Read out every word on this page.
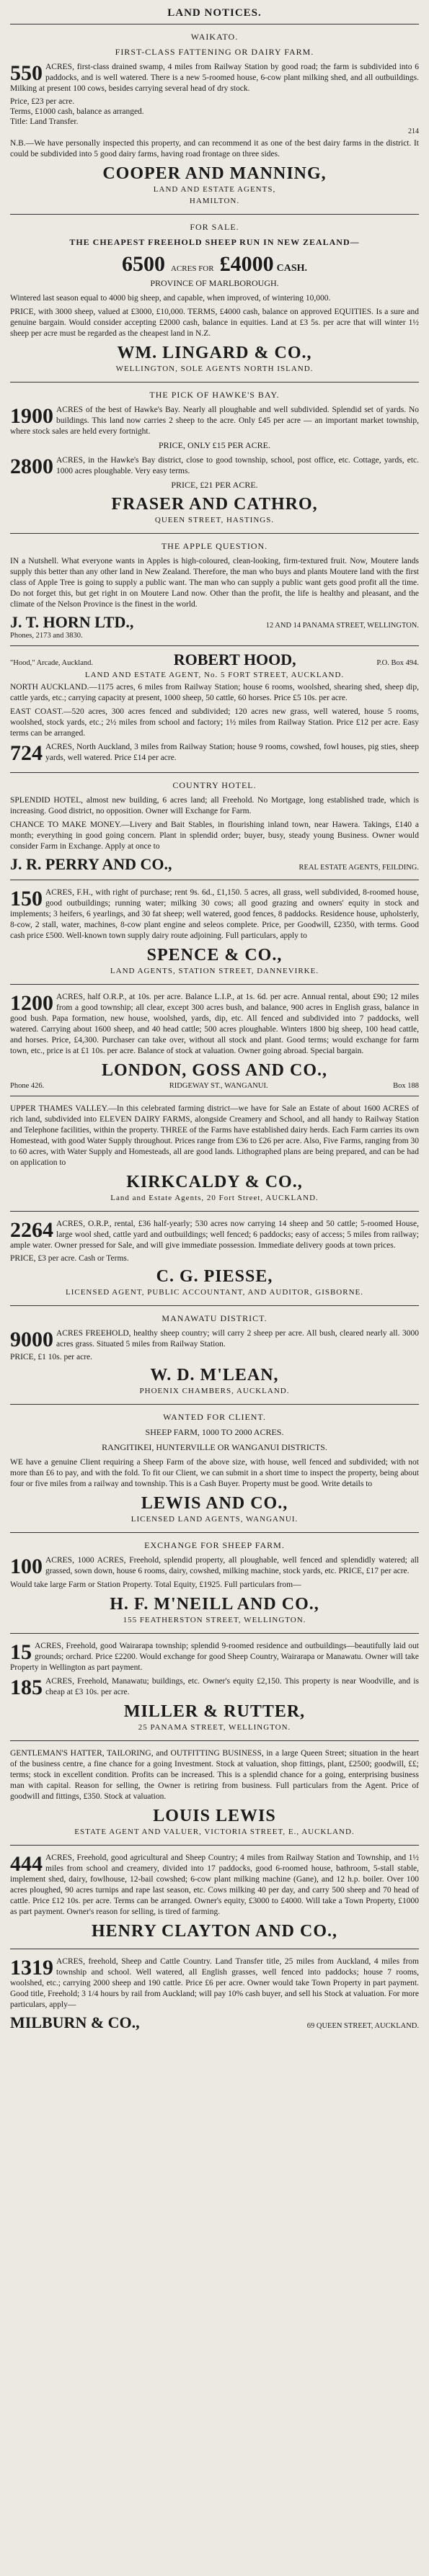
LAND NOTICES.
WAIKATO.
FIRST-CLASS FATTENING OR DAIRY FARM.

550 ACRES, first-class drained swamp, 4 miles from Railway Station by good road; the farm is subdivided into 6 paddocks, and is well watered. There is a new 5-roomed house, 6-cow plant milking shed, and all outbuildings. Milking at present 100 cows, besides carrying several head of dry stock.

Price, £23 per acre.
Terms, £1000 cash, balance as arranged.
Title: Land Transfer.
214

N.B.—We have personally inspected this property, and can recommend it as one of the best dairy farms in the district. It could be subdivided into 5 good dairy farms, having road frontage on three sides.

COOPER AND MANNING,
LAND AND ESTATE AGENTS,
HAMILTON.
FOR SALE.
THE CHEAPEST FREEHOLD SHEEP RUN IN NEW ZEALAND—
6500 ACRES FOR £4000 CASH.
PROVINCE OF MARLBOROUGH.

Wintered last season equal to 4000 big sheep, and capable, when improved, of wintering 10,000.

PRICE, with 3000 sheep, valued at £3000, £10,000. TERMS, £4000 cash, balance on approved EQUITIES. Is a sure and genuine bargain. Would consider accepting £2000 cash, balance in equities. Land at £3 5s. per acre that will winter 1½ sheep per acre must be regarded as the cheapest land in N.Z.

WM. LINGARD & CO.,
WELLINGTON, SOLE AGENTS NORTH ISLAND.
THE PICK OF HAWKE'S BAY.

1900 ACRES of the best of Hawke's Bay. Nearly all ploughable and well subdivided. Splendid set of yards. No buildings. This land now carries 2 sheep to the acre. Only £45 per acre — an important market township, where stock sales are held every fortnight.

PRICE, ONLY £15 PER ACRE.

2800 ACRES, in the Hawke's Bay district, close to good township, school, post office, etc. Cottage, yards, etc. 1000 acres ploughable. Very easy terms.

PRICE, £21 PER ACRE.
FRASER AND CATHRO,
QUEEN STREET, HASTINGS.
THE APPLE QUESTION.

IN a Nutshell. What everyone wants in Apples is high-coloured, clean-looking, firm-textured fruit. Now, Moutere lands supply this better than any other land in New Zealand. Therefore, the man who buys and plants Moutere land with the first class of Apple Tree is going to supply a public want. The man who can supply a public want gets good profit all the time. Do not forget this, but get right in on Moutere Land now. Other than the profit, the life is healthy and pleasant, and the climate of the Nelson Province is the finest in the world.

J. T. HORN LTD.,	12 AND 14 PANAMA STREET, WELLINGTON.
Phones, 2173 and 3830.
"Hood," Arcade, Auckland.	ROBERT HOOD,	P.O. Box 494.
LAND AND ESTATE AGENT, No. 5 FORT STREET, AUCKLAND.

NORTH AUCKLAND.—1175 acres, 6 miles from Railway Station; house 6 rooms, woolshed, shearing shed, sheep dip, cattle yards, etc.; carrying capacity at present, 1000 sheep, 50 cattle, 60 horses. Price £5 10s. per acre.

EAST COAST.—520 acres, 300 acres fenced and subdivided; 120 acres new grass, well watered, house 5 rooms, woolshed, stock yards, etc.; 2½ miles from school and factory; 1½ miles from Railway Station. Price £12 per acre. Easy terms can be arranged.

724 ACRES, North Auckland, 3 miles from Railway Station; house 9 rooms, cowshed, fowl houses, pig sties, sheep yards, well watered. Price £14 per acre.

COUNTRY HOTEL.

SPLENDID HOTEL, almost new building, 6 acres land; all Freehold. No Mortgage, long established trade, which is increasing. Good district, no opposition. Owner will Exchange for Farm.

CHANCE TO MAKE MONEY.—Livery and Bait Stables, in flourishing inland town, near Hawera. Takings, £140 a month; everything in good going concern. Plant in splendid order; buyer, busy, steady young Business. Owner would consider Farm in Exchange. Apply at once to

J. R. PERRY AND CO.,	REAL ESTATE AGENTS, FEILDING.

150 ACRES, F.H., with right of purchase; rent 9s. 6d., £1,150. 5 acres, all grass, well subdivided, 8-roomed house, good outbuildings; running water; milking 30 cows; all good grazing and owners' equity in stock and implements; 3 heifers, 6 yearlings, and 30 fat sheep; well watered, good fences, 8 paddocks. Residence house, upholsterly, 8-cow, 2 stall, water, machines, 8-cow plant engine and seleos complete. Price, per Goodwill, £2350, with terms. Good cash price £500. Well-known town supply dairy route adjoining. Full particulars, apply to

SPENCE & CO.,
LAND AGENTS, STATION STREET, DANNEVIRKE.

1200 ACRES, half O.R.P., at 10s. per acre. Balance L.I.P., at 1s. 6d. per acre. Annual rental, about £90; 12 miles from a good township; all clear, except 300 acres bush, and balance, 900 acres in English grass, balance in good bush. Papa formation, new house, woolshed, yards, dip, etc. All fenced and subdivided into 7 paddocks, well watered. Carrying about 1600 sheep, and 40 head cattle; 500 acres ploughable. Winters 1800 big sheep, 100 head cattle, and horses. Price, £4,300. Purchaser can take over, without all stock and plant. Good terms; would exchange for farm town, etc., price is at £1 10s. per acre. Balance of stock at valuation. Owner going abroad. Special bargain.

LONDON, GOSS AND CO.,
Phone 426.	RIDGEWAY ST., WANGANUI.	Box 188

UPPER THAMES VALLEY.—In this celebrated farming district—we have for Sale an Estate of about 1600 ACRES of rich land, subdivided into ELEVEN DAIRY FARMS, alongside Creamery and School, and all handy to Railway Station and Telephone facilities, within the property. THREE of the Farms have established dairy herds. Each Farm carries its own Homestead, with good Water Supply throughout. Prices range from £36 to £26 per acre. Also, Five Farms, ranging from 30 to 60 acres, with Water Supply and Homesteads, all are good lands. Lithographed plans are being prepared, and can be had on application to

KIRKCALDY & CO.,
Land and Estate Agents, 20 Fort Street, AUCKLAND.

2264 ACRES, O.R.P., rental, £36 half-yearly; 530 acres now carrying 14 sheep and 50 cattle; 5-roomed House, large wool shed, cattle yard and outbuildings; well fenced; 6 paddocks; easy of access; 5 miles from railway; ample water. Owner pressed for Sale, and will give immediate possession. Immediate delivery goods at town prices.

PRICE, £3 per acre. Cash or Terms.
C. G. PIESSE,
LICENSED AGENT, PUBLIC ACCOUNTANT, AND AUDITOR, GISBORNE.
MANAWATU DISTRICT.

9000 ACRES FREEHOLD, healthy sheep country; will carry 2 sheep per acre. All bush, cleared nearly all. 3000 acres grass. Situated 5 miles from Railway Station.

PRICE, £1 10s. per acre.
W. D. M'LEAN,
PHOENIX CHAMBERS, AUCKLAND.
WANTED FOR CLIENT.
SHEEP FARM, 1000 TO 2000 ACRES.
RANGITIKEI, HUNTERVILLE OR WANGANUI DISTRICTS.

WE have a genuine Client requiring a Sheep Farm of the above size, with house, well fenced and subdivided; with not more than £6 to pay, and with the fold. To fit our Client, we can submit in a short time to inspect the property, being about four or five miles from a railway and township. This is a Cash Buyer. Property must be good. Write details to

LEWIS AND CO.,
LICENSED LAND AGENTS, WANGANUI.
EXCHANGE FOR SHEEP FARM.

100 ACRES, 1000 ACRES, Freehold, splendid property, all ploughable, well fenced and splendidly watered; all grassed, sown down, house 6 rooms, dairy, cowshed, milking machine, stock yards, etc. PRICE, £17 per acre.

Would take large Farm or Station Property. Total Equity, £1925. Full particulars from—

H. F. M'NEILL AND CO.,
155 FEATHERSTON STREET, WELLINGTON.

15 ACRES, Freehold, good Wairarapa township; splendid 9-roomed residence and outbuildings—beautifully laid out grounds; orchard. Price £2200. Would exchange for good Sheep Country, Wairarapa or Manawatu. Owner will take Property in Wellington as part payment.

185 ACRES, Freehold, Manawatu; buildings, etc. Owner's equity £2,150. This property is near Woodville, and is cheap at £3 10s. per acre.

MILLER & RUTTER,
25 PANAMA STREET, WELLINGTON.

GENTLEMAN'S HATTER, TAILORING, and OUTFITTING BUSINESS, in a large Queen Street; situation in the heart of the business centre, a fine chance for a going Investment. Stock at valuation, shop fittings, plant, £2500; goodwill, ££; terms; stock in excellent condition. Profits can be increased. This is a splendid chance for a going, enterprising business man with capital. Reason for selling, the Owner is retiring from business. Full particulars from the Agent. Price of goodwill and fittings, £350. Stock at valuation.

LOUIS LEWIS
ESTATE AGENT AND VALUER, VICTORIA STREET, E., AUCKLAND.

444 ACRES, Freehold, good agricultural and Sheep Country; 4 miles from Railway Station and Township, and 1½ miles from school and creamery, divided into 17 paddocks, good 6-roomed house, bathroom, 5-stall stable, implement shed, dairy, fowlhouse, 12-bail cowshed; 6-cow plant milking machine (Gane), and 12 h.p. boiler. Over 100 acres ploughed, 90 acres turnips and rape last season, etc. Cows milking 40 per day, and carry 500 sheep and 70 head of cattle. Price £12 10s. per acre. Terms can be arranged. Owner's equity, £3000 to £4000. Will take a Town Property, £1000 as part payment. Owner's reason for selling, is tired of farming.

HENRY CLAYTON AND CO.,

1319 ACRES, freehold, Sheep and Cattle Country. Land Transfer title, 25 miles from Auckland, 4 miles from township and school. Well watered, all English grasses, well fenced into paddocks; house 7 rooms, woolshed, etc.; carrying 2000 sheep and 190 cattle. Price £6 per acre. Owner would take Town Property in part payment. Good title, Freehold; 3 1/4 hours by rail from Auckland; will pay 10% cash buyer, and sell his Stock at valuation. For more particulars, apply—

MILBURN & CO.,	69 QUEEN STREET, AUCKLAND.
